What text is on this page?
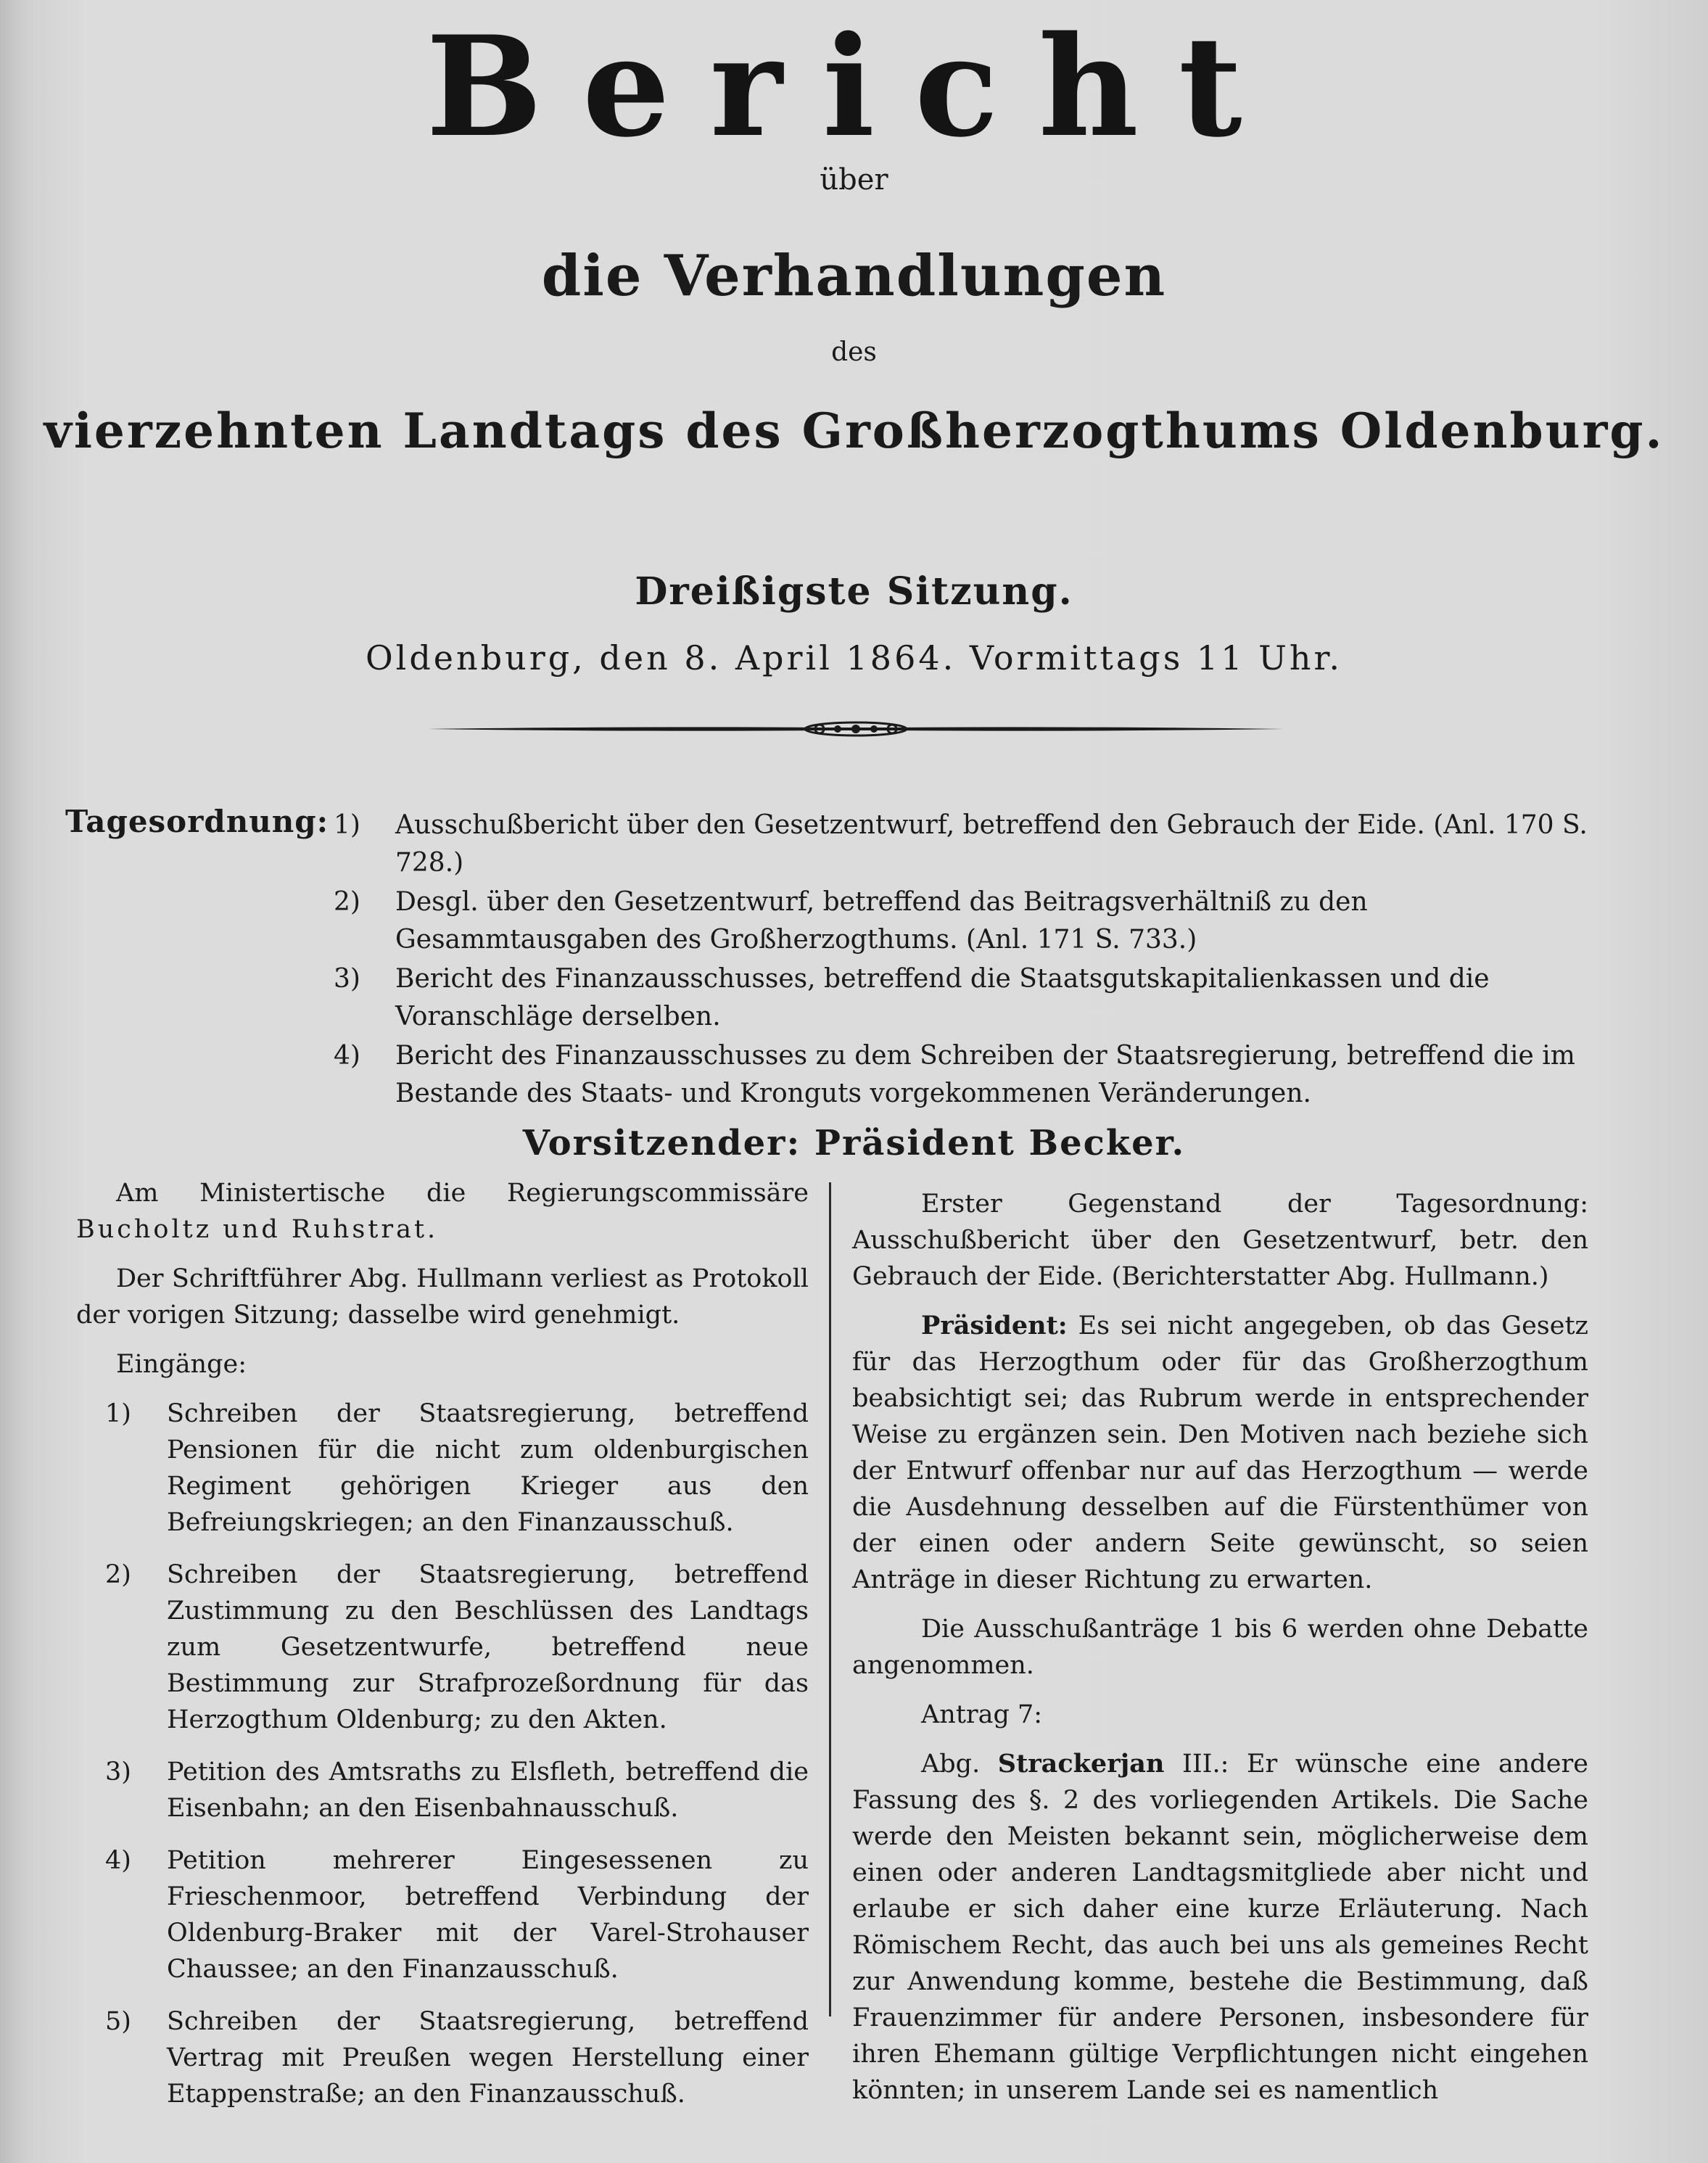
Bericht
über
die Verhandlungen
des
vierzehnten Landtags des Großherzogthums Oldenburg.
Dreißigste Sitzung.
Oldenburg, den 8. April 1864. Vormittags 11 Uhr.
Tagesordnung: 1) Ausschußbericht über den Gesetzentwurf, betreffend den Gebrauch der Eide. (Anl. 170 S. 728.)
2) Desgl. über den Gesetzentwurf, betreffend das Beitragsverhältniß zu den Gesammtausgaben des Großherzogthums. (Anl. 171 S. 733.)
3) Bericht des Finanzausschusses, betreffend die Staatsgutskapitalienkassen und die Voranschläge derselben.
4) Bericht des Finanzausschusses zu dem Schreiben der Staatsregierung, betreffend die im Bestande des Staats- und Kronguts vorgekommenen Veränderungen.
Vorsitzender: Präsident Becker.

Am Ministertische die Regierungscommissäre Bucholtz und Ruhstrat.

Der Schriftführer Abg. Hullmann verliest as Protokoll der vorigen Sitzung; dasselbe wird genehmigt.

Eingänge:

1) Schreiben der Staatsregierung, betreffend Pensionen für die nicht zum oldenburgischen Regiment gehörigen Krieger aus den Befreiungskriegen; an den Finanzausschuß.
2) Schreiben der Staatsregierung, betreffend Zustimmung zu den Beschlüssen des Landtags zum Gesetzentwurfe, betreffend neue Bestimmung zur Strafprozeßordnung für das Herzogthum Oldenburg; zu den Akten.
3) Petition des Amtsraths zu Elsfleth, betreffend die Eisenbahn; an den Eisenbahnausschuß.
4) Petition mehrerer Eingesessenen zu Frieschenmoor, betreffend Verbindung der Oldenburg-Braker mit der Varel-Strohauser Chaussee; an den Finanzausschuß.
5) Schreiben der Staatsregierung, betreffend Vertrag mit Preußen wegen Herstellung einer Etappenstraße; an den Finanzausschuß.

Erster Gegenstand der Tagesordnung: Ausschußbericht über den Gesetzentwurf, betr. den Gebrauch der Eide. (Berichterstatter Abg. Hullmann.)

Präsident: Es sei nicht angegeben, ob das Gesetz für das Herzogthum oder für das Großherzogthum beabsichtigt sei; das Rubrum werde in entsprechender Weise zu ergänzen sein. Den Motiven nach beziehe sich der Entwurf offenbar nur auf das Herzogthum — werde die Ausdehnung desselben auf die Fürstenthümer von der einen oder andern Seite gewünscht, so seien Anträge in dieser Richtung zu erwarten.

Die Ausschußanträge 1 bis 6 werden ohne Debatte angenommen.

Antrag 7:

Abg. Strackerjan III.: Er wünsche eine andere Fassung des §. 2 des vorliegenden Artikels. Die Sache werde den Meisten bekannt sein, möglicherweise dem einen oder anderen Landtagsmitgliede aber nicht und erlaube er sich daher eine kurze Erläuterung. Nach Römischem Recht, das auch bei uns als gemeines Recht zur Anwendung komme, bestehe die Bestimmung, daß Frauenzimmer für andere Personen, insbesondere für ihren Ehemann gültige Verpflichtungen nicht eingehen könnten; in unserem Lande sei es namentlich
